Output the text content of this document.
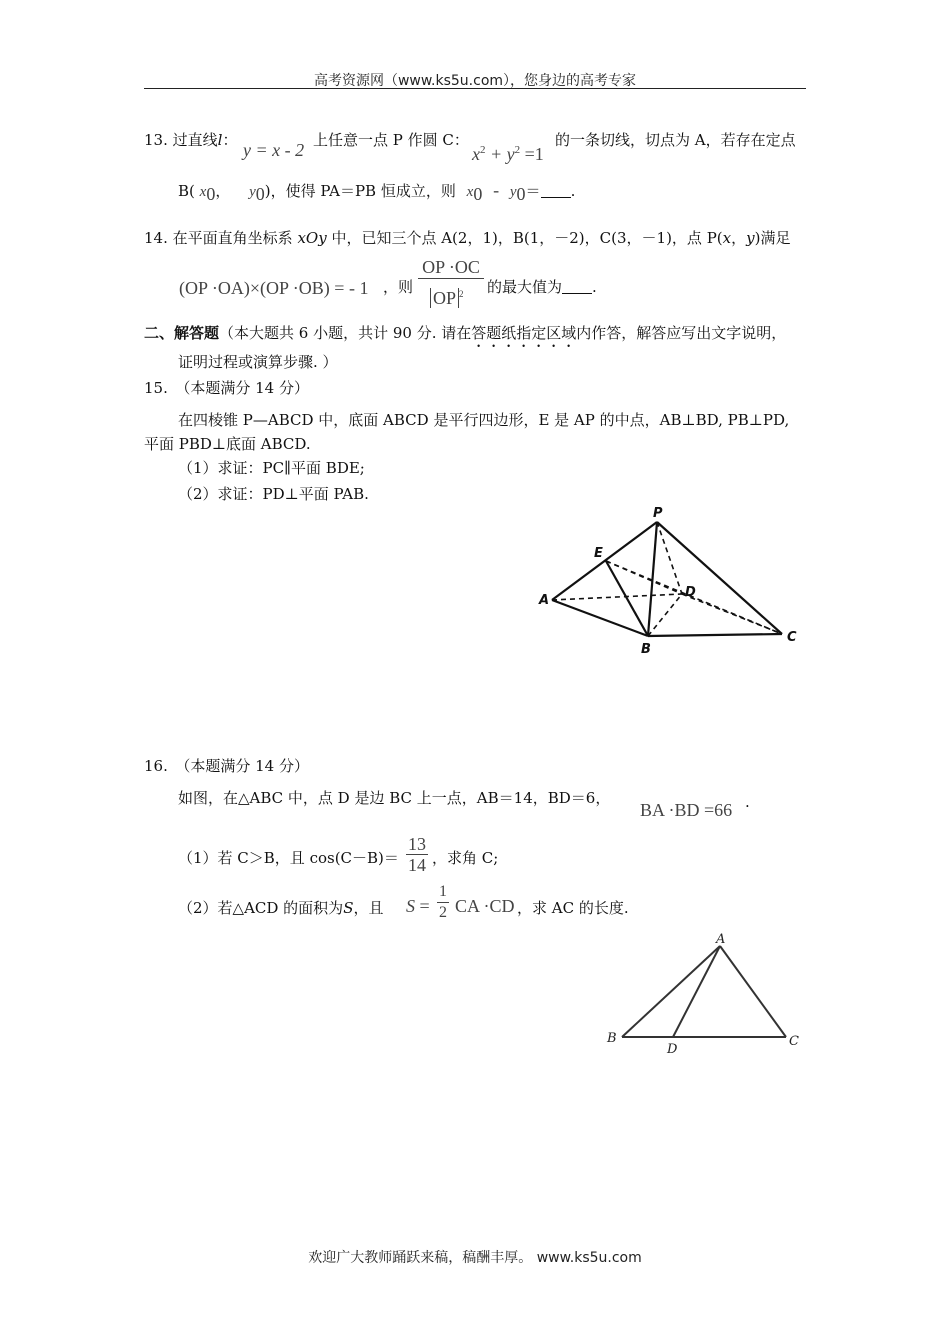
高考资源网（www.ks5u.com），您身边的高考专家
13. 过直线l： y = x - 2 上任意一点 P 作圆 C：
$x^2 + y^2 =1$
的一条切线，切点为 A，若存在定点
B( $x_0$， $y_0$)，使得 PA＝PB 恒成立，则 $x_0 - y_0=$ .
14. 在平面直角坐标系 xOy 中，已知三个点 A(2，1)，B(1，－2)，C(3，－1)，点 P(x，y)满足
(OP ·OA)×(OP ·OB) = - 1 ，则
OP ·OC
OP $^2$	的最大值为 .
二、解答题（本大题共 6 小题，共计 90 分. 请在答题纸指定区域内作答，解答应写出文字说明，
证明过程或演算步骤. ）
15.　（本题满分 14 分）
在四棱锥 P—ABCD 中，底面 ABCD 是平行四边形，E 是 AP 的中点，AB⊥BD, PB⊥PD,
平面 PBD⊥底面 ABCD.
（1）求证：PC∥平面 BDE;
（2）求证：PD⊥平面 PAB.
P
E
D
A
B
C
16.　（本题满分 14 分）
如图，在△ABC 中，点 D 是边 BC 上一点，AB＝14，BD＝6，
BA ·BD =66 .
（1）若 C＞B，且 $\cos(C-B)= \frac{13}{14}$ ，求角 C;
（2）若△ACD 的面积为S，且 $S = \frac{1}{2}$ CA ·CD ，求 AC 的长度.
A
B
D
C
欢迎广大教师踊跃来稿，稿酬丰厚。 www.ks5u.com
